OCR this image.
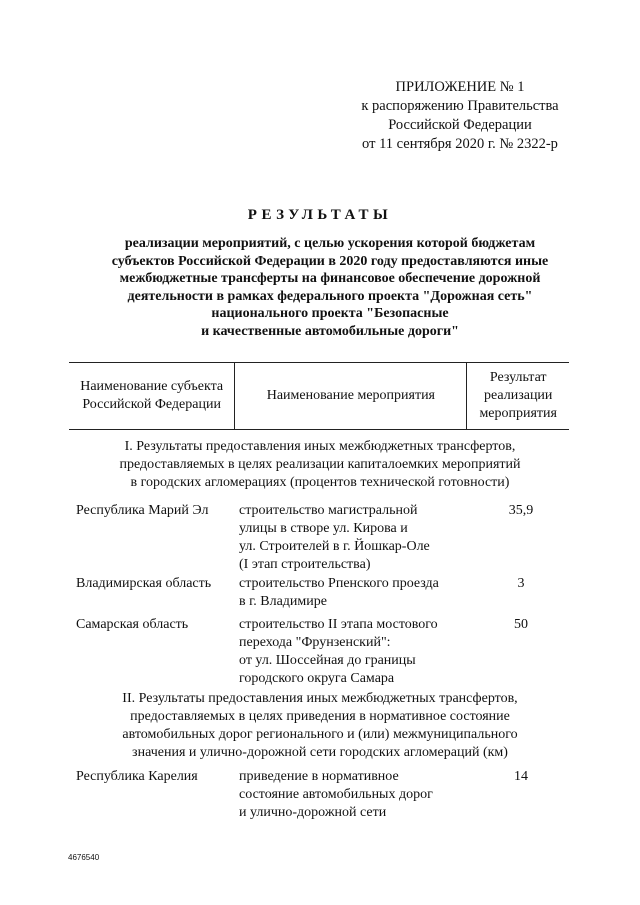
ПРИЛОЖЕНИЕ № 1
к распоряжению Правительства
Российской Федерации
от 11 сентября 2020 г. № 2322-р
РЕЗУЛЬТАТЫ
реализации мероприятий, с целью ускорения которой бюджетам
субъектов Российской Федерации в 2020 году предоставляются иные
межбюджетные трансферты на финансовое обеспечение дорожной
деятельности в рамках федерального проекта "Дорожная сеть"
национального проекта "Безопасные
и качественные автомобильные дороги"
Наименование субъекта
Российской Федерации
Наименование мероприятия
Результат
реализации
мероприятия
I. Результаты предоставления иных межбюджетных трансфертов,
предоставляемых в целях реализации капиталоемких мероприятий
в городских агломерациях (процентов технической готовности)
Республика Марий Эл строительство магистральной
улицы в створе ул. Кирова и
ул. Строителей в г. Йошкар-Оле
(I этап строительства)
35,9
Владимирская область строительство Рпенского проезда
в г. Владимире
3
Самарская область	строительство II этапа мостового
перехода "Фрунзенский":
от ул. Шоссейная до границы
городского округа Самара
50
II. Результаты предоставления иных межбюджетных трансфертов,
предоставляемых в целях приведения в нормативное состояние
автомобильных дорог регионального и (или) межмуниципального
значения и улично-дорожной сети городских агломераций (км)
Республика Карелия	приведение в нормативное
состояние автомобильных дорог
и улично-дорожной сети
14
4676540
